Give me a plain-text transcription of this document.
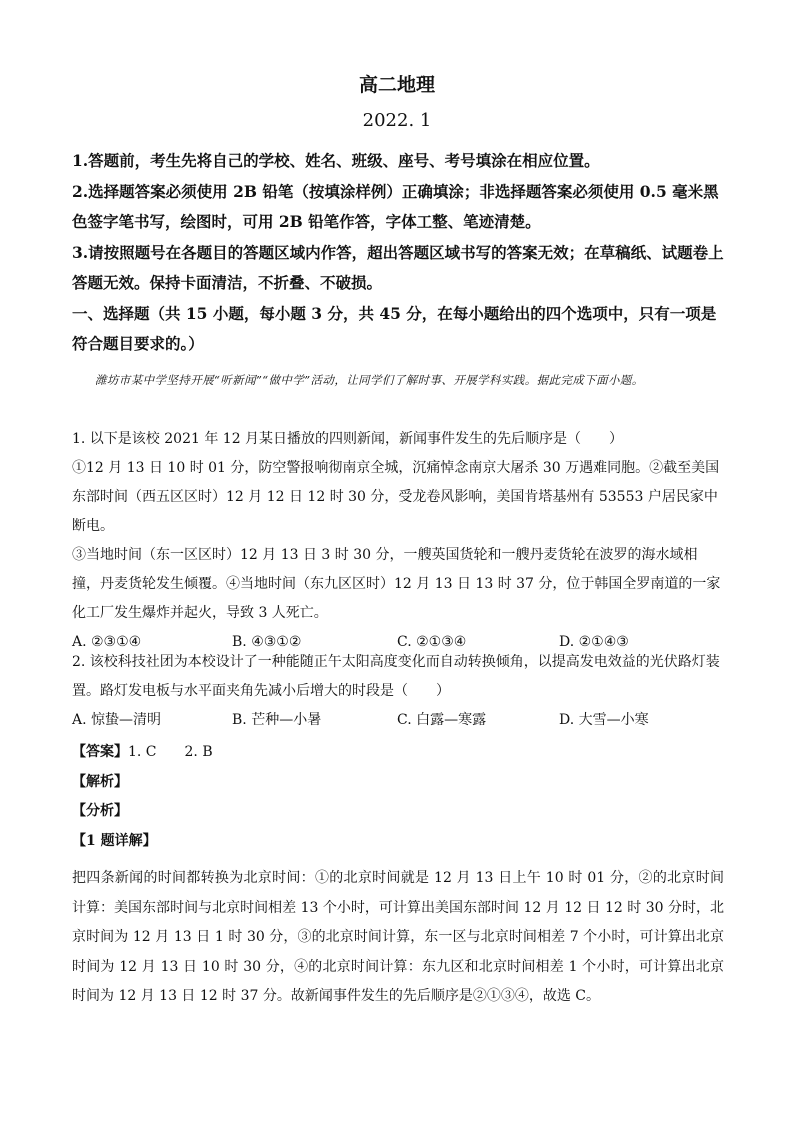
高二地理
2022. 1

1.答题前，考生先将自己的学校、姓名、班级、座号、考号填涂在相应位置。

2.选择题答案必须使用 2B 铅笔（按填涂样例）正确填涂；非选择题答案必须使用 0.5 毫米黑色签字笔书写，绘图时，可用 2B 铅笔作答，字体工整、笔迹清楚。

3.请按照题号在各题目的答题区域内作答，超出答题区域书写的答案无效；在草稿纸、试题卷上答题无效。保持卡面清洁，不折叠、不破损。

一、选择题（共 15 小题，每小题 3 分，共 45 分，在每小题给出的四个选项中，只有一项是符合题目要求的。）

潍坊市某中学坚持开展“听新闻”“做中学”活动，让同学们了解时事、开展学科实践。据此完成下面小题。

1. 以下是该校 2021 年 12 月某日播放的四则新闻，新闻事件发生的先后顺序是（　　）

①12 月 13 日 10 时 01 分，防空警报响彻南京全城，沉痛悼念南京大屠杀 30 万遇难同胞。②截至美国东部时间（西五区区时）12 月 12 日 12 时 30 分，受龙卷风影响，美国肯塔基州有 53553 户居民家中断电。

③当地时间（东一区区时）12 月 13 日 3 时 30 分，一艘英国货轮和一艘丹麦货轮在波罗的海水域相撞，丹麦货轮发生倾覆。④当地时间（东九区区时）12 月 13 日 13 时 37 分，位于韩国全罗南道的一家化工厂发生爆炸并起火，导致 3 人死亡。

A. ②③①④	B. ④③①②	C. ②①③④	D. ②①④③

2. 该校科技社团为本校设计了一种能随正午太阳高度变化而自动转换倾角，以提高发电效益的光伏路灯装置。路灯发电板与水平面夹角先减小后增大的时段是（　　）

A. 惊蛰—清明	B. 芒种—小暑	C. 白露—寒露	D. 大雪—小寒

【答案】1. C　　2. B

【解析】

【分析】

【1 题详解】

把四条新闻的时间都转换为北京时间：①的北京时间就是 12 月 13 日上午 10 时 01 分，②的北京时间计算：美国东部时间与北京时间相差 13 个小时，可计算出美国东部时间 12 月 12 日 12 时 30 分时，北京时间为 12 月 13 日 1 时 30 分，③的北京时间计算，东一区与北京时间相差 7 个小时，可计算出北京时间为 12 月 13 日 10 时 30 分，④的北京时间计算：东九区和北京时间相差 1 个小时，可计算出北京时间为 12 月 13 日 12 时 37 分。故新闻事件发生的先后顺序是②①③④，故选 C。
